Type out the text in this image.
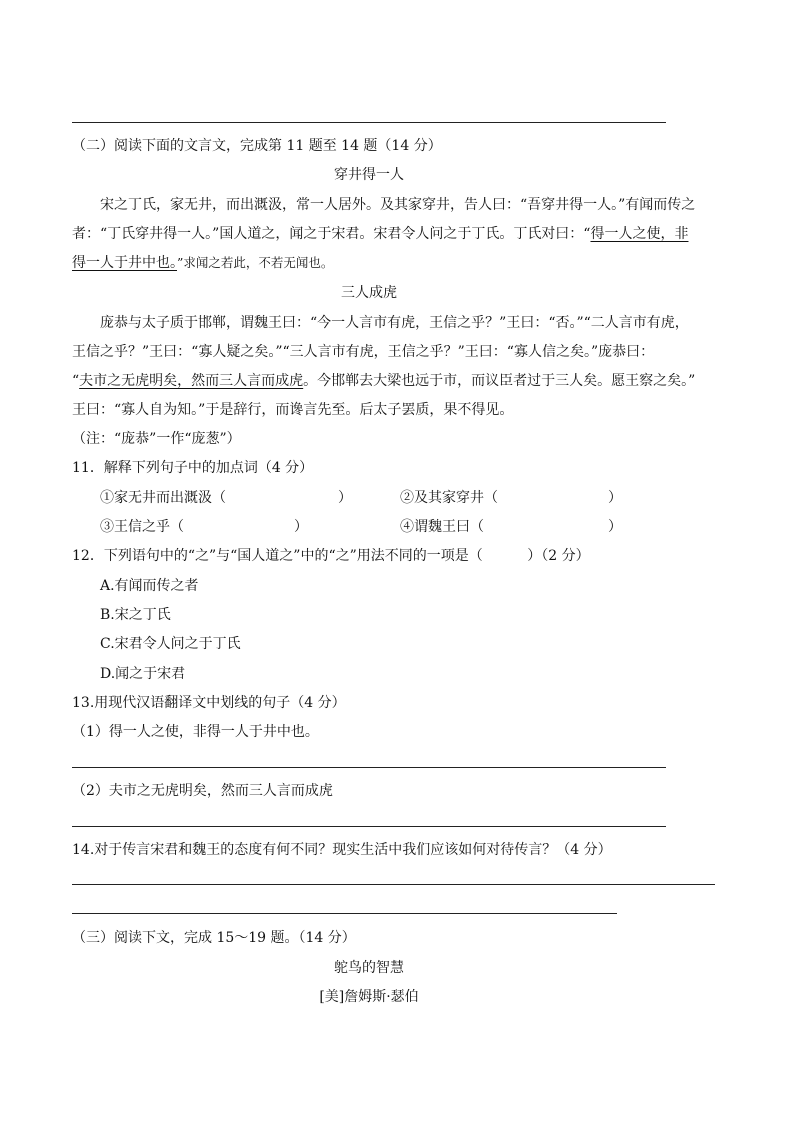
（二）阅读下面的文言文，完成第 11 题至 14 题（14 分）
穿井得一人
宋之丁氏，家无井，而出溉汲，常一人居外。及其家穿井，告人曰：“吾穿井得一人。”有闻而传之
者：“丁氏穿井得一人。”国人道之，闻之于宋君。宋君令人问之于丁氏。丁氏对曰：“得一人之使，非
得一人于井中也。”求闻之若此，不若无闻也。
三人成虎
庞恭与太子质于邯郸，谓魏王曰：“今一人言市有虎，王信之乎？”王曰：“否。”“二人言市有虎，
王信之乎？”王曰：“寡人疑之矣。”“三人言市有虎，王信之乎？”王曰：“寡人信之矣。”庞恭曰：
“夫市之无虎明矣，然而三人言而成虎。今邯郸去大梁也远于市，而议臣者过于三人矣。愿王察之矣。”
王曰：“寡人自为知。”于是辞行，而谗言先至。后太子罢质，果不得见。
（注：“庞恭”一作“庞葱”）
11．解释下列句子中的加点词（4 分）
①家无井而出溉汲（	）	②及其家穿井（	）
③王信之乎（	）	④谓魏王曰（	）
12．下列语句中的“之”与“国人道之”中的“之”用法不同的一项是（          ）（2 分）
A.有闻而传之者
B.宋之丁氏
C.宋君令人问之于丁氏
D.闻之于宋君
13.用现代汉语翻译文中划线的句子（4 分）
（1）得一人之使，非得一人于井中也。
（2）夫市之无虎明矣，然而三人言而成虎
14.对于传言宋君和魏王的态度有何不同？现实生活中我们应该如何对待传言？（4 分）
（三）阅读下文，完成 15～19 题。（14 分）
鸵鸟的智慧
[美]詹姆斯·瑟伯
